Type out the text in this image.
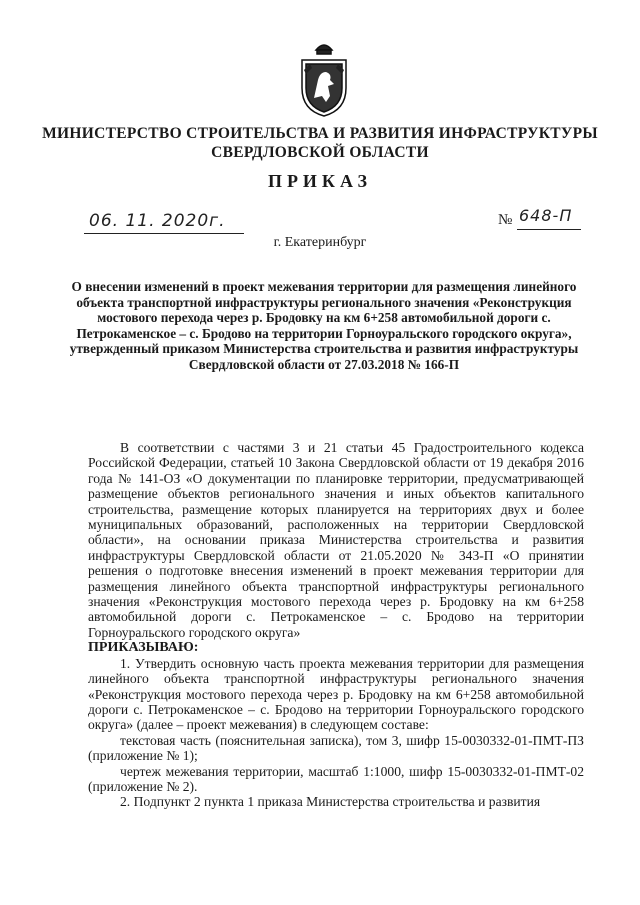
МИНИСТЕРСТВО СТРОИТЕЛЬСТВА И РАЗВИТИЯ ИНФРАСТРУКТУРЫ
СВЕРДЛОВСКОЙ ОБЛАСТИ
ПРИКАЗ
06. 11. 2020г.	№ 648-П
г. Екатеринбург
О внесении изменений в проект межевания территории для размещения линейного объекта транспортной инфраструктуры регионального значения «Реконструкция мостового перехода через р. Бродовку на км 6+258 автомобильной дороги с. Петрокаменское – с. Бродово на территории Горноуральского городского округа», утвержденный приказом Министерства строительства и развития инфраструктуры Свердловской области от 27.03.2018 № 166-П

В соответствии с частями 3 и 21 статьи 45 Градостроительного кодекса Российской Федерации, статьей 10 Закона Свердловской области от 19 декабря 2016 года № 141-ОЗ «О документации по планировке территории, предусматривающей размещение объектов регионального значения и иных объектов капитального строительства, размещение которых планируется на территориях двух и более муниципальных образований, расположенных на территории Свердловской области», на основании приказа Министерства строительства и развития инфраструктуры Свердловской области от 21.05.2020 № 343-П «О принятии решения о подготовке внесения изменений в проект межевания территории для размещения линейного объекта транспортной инфраструктуры регионального значения «Реконструкция мостового перехода через р. Бродовку на км 6+258 автомобильной дороги с. Петрокаменское – с. Бродово на территории Горноуральского городского округа»

ПРИКАЗЫВАЮ:

1. Утвердить основную часть проекта межевания территории для размещения линейного объекта транспортной инфраструктуры регионального значения «Реконструкция мостового перехода через р. Бродовку на км 6+258 автомобильной дороги с. Петрокаменское – с. Бродово на территории Горноуральского городского округа» (далее – проект межевания) в следующем составе:

текстовая часть (пояснительная записка), том 3, шифр 15-0030332-01-ПМТ-ПЗ (приложение № 1);

чертеж межевания территории, масштаб 1:1000, шифр 15-0030332-01-ПМТ-02 (приложение № 2).

2. Подпункт 2 пункта 1 приказа Министерства строительства и развития
